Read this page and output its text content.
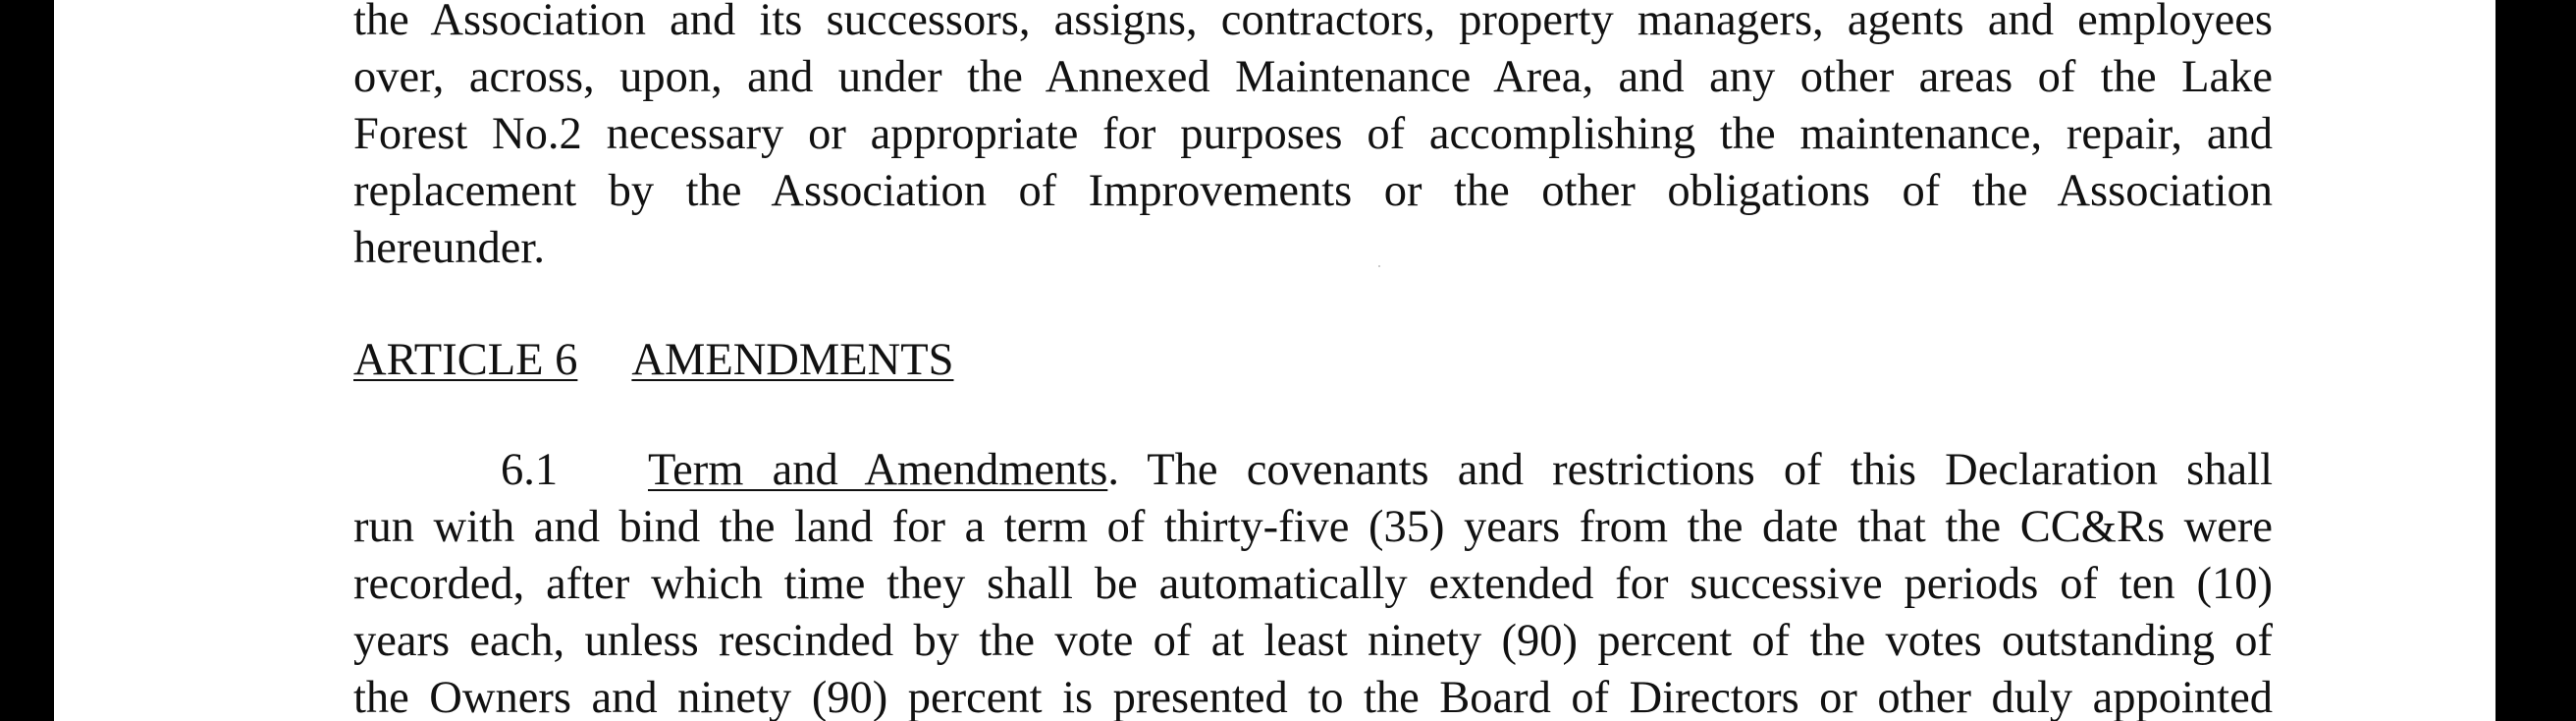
the Association and its successors, assigns, contractors, property managers, agents and employees
over, across, upon, and under the Annexed Maintenance Area, and any other areas of the Lake
Forest No.2 necessary or appropriate for purposes of accomplishing the maintenance, repair, and
replacement by the Association of Improvements or the other obligations of the Association
hereunder.
ARTICLE 6 AMENDMENTS
6.1 Term and Amendments. The covenants and restrictions of this Declaration shall
run with and bind the land for a term of thirty-five (35) years from the date that the CC&Rs were
recorded, after which time they shall be automatically extended for successive periods of ten (10)
years each, unless rescinded by the vote of at least ninety (90) percent of the votes outstanding of
the Owners and ninety (90) percent is presented to the Board of Directors or other duly appointed
